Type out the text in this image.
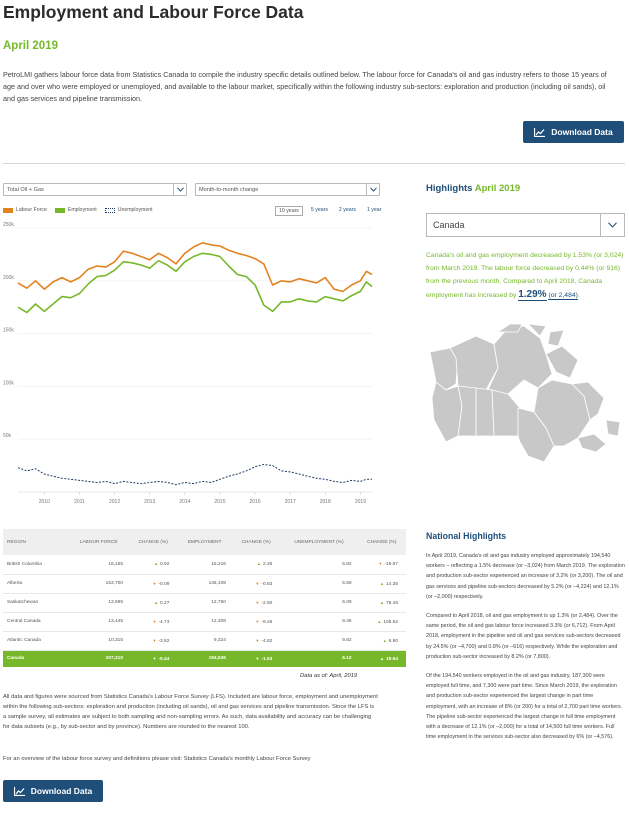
Employment and Labour Force Data
April 2019
PetroLMI gathers labour force data from Statistics Canada to compile the industry specific details outlined below. The labour force for Canada's oil and gas industry refers to those 15 years of age and over who were employed or unemployed, and available to the labour market, specifically within the following industry sub-sectors: exploration and production (including oil sands), oil and gas services and pipeline transmission.
Download Data
Total Oil + Gas	Month-to-month change
Labour Force	Employment	Unemployment	10 years	5 years	2 years	1 year
250k
200k
150k
100k
50k
2010	2011	2012	2013	2014	2015	2016	2017	2018	2019
Highlights April 2019
Canada
Canada's oil and gas employment decreased by 1.53% (or 3,024) from March 2019. The labour force decreased by 0.44% (or 916) from the previous month. Compared to April 2018, Canada employment has increased by 1.29% (or 2,484).
REGION	LABOUR FORCE	CHANGE (%)	EMPLOYMENT	CHANGE (%)	UNEMPLOYMENT (%)	CHANGE (%)
British Columbia	16,155	▲ 0.92	15,216	▲ 2.26	5.82	▼ -18.67
Alberta	153,700	▼ -0.09	145,108	▼ -0.83	5.59	▲ 14.35
Saskatchewan	13,595	▲ 0.27	12,760	▼ -2.50	6.09	▲ 78.45
Central Canada	13,445	▼ -4.73	12,308	▼ -9.26	8.45	▲ 105.52
Atlantic Canada	10,315	▼ -3.82	9,324	▼ -4.82	9.82	▲ 6.90
Canada	207,210	▼ -0.44	194,536	▼ -1.53	6.12	▲ 19.94
Data as of: April, 2019
All data and figures were sourced from Statistics Canada's Labour Force Survey (LFS). Included are labour force, employment and unemployment within the following sub-sectors: exploration and production (including oil sands), oil and gas services and pipeline transmission. Since the LFS is a sample survey, all estimates are subject to both sampling and non-sampling errors. As such, data availability and accuracy can be challenging for data subsets (e.g., by sub-sector and by province). Numbers are rounded to the nearest 100.
For an overview of the labour force survey and definitions please visit: Statistics Canada's monthly Labour Force Survey
Download Data
National Highlights

In April 2019, Canada's oil and gas industry employed approximately 194,540 workers – reflecting a 1.5% decrease (or –3,024) from March 2019. The exploration and production sub-sector experienced an increase of 3.2% (or 3,200). The oil and gas services and pipeline sub-sectors decreased by 5.2% (or –4,224) and 12.1% (or –2,000) respectively.

Compared to April 2018, oil and gas employment is up 1.3% (or 2,484). Over the same period, the oil and gas labour force increased 3.3% (or 6,712). From April 2018, employment in the pipeline and oil and gas services sub-sectors decreased by 24.5% (or –4,700) and 0.8% (or –616) respectively. While the exploration and production sub-sector increased by 8.2% (or 7,800).

Of the 194,540 workers employed in the oil and gas industry, 187,300 were employed full time, and 7,300 were part time. Since March 2019, the exploration and production sub-sector experienced the largest change in part time employment, with an increase of 8% (or 200) for a total of 2,700 part time workers. The pipeline sub-sector experienced the largest change in full time employment with a decrease of 12.1% (or –2,000) for a total of 14,500 full time workers. Full time employment in the services sub-sector also decreased by 6% (or –4,576).
